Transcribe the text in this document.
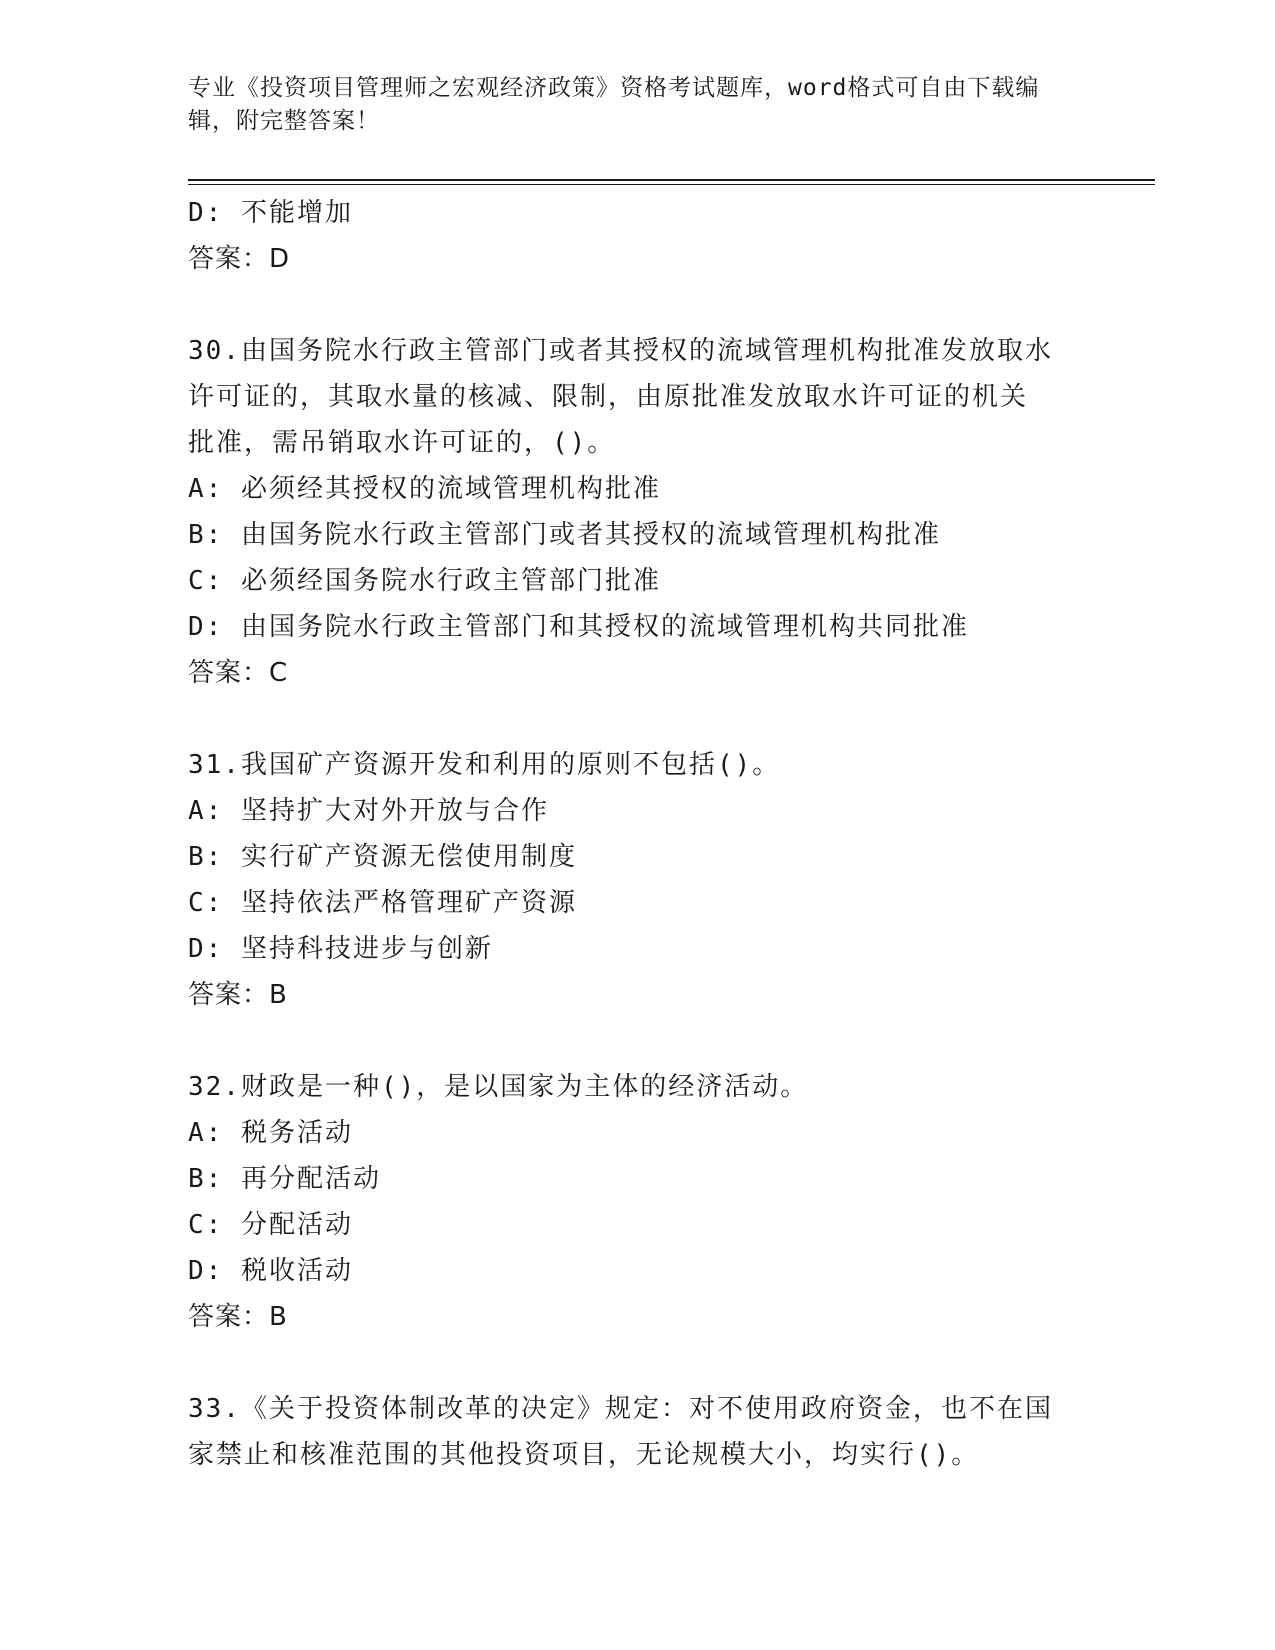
专业《投资项目管理师之宏观经济政策》资格考试题库，word格式可自由下载编
辑，附完整答案！
D: 不能增加
答案：D
30.由国务院水行政主管部门或者其授权的流域管理机构批准发放取水
许可证的，其取水量的核减、限制，由原批准发放取水许可证的机关
批准，需吊销取水许可证的，()。
A: 必须经其授权的流域管理机构批准
B: 由国务院水行政主管部门或者其授权的流域管理机构批准
C: 必须经国务院水行政主管部门批准
D: 由国务院水行政主管部门和其授权的流域管理机构共同批准
答案：C
31.我国矿产资源开发和利用的原则不包括()。
A: 坚持扩大对外开放与合作
B: 实行矿产资源无偿使用制度
C: 坚持依法严格管理矿产资源
D: 坚持科技进步与创新
答案：B
32.财政是一种()，是以国家为主体的经济活动。
A: 税务活动
B: 再分配活动
C: 分配活动
D: 税收活动
答案：B
33.《关于投资体制改革的决定》规定：对不使用政府资金，也不在国
家禁止和核准范围的其他投资项目，无论规模大小，均实行()。
